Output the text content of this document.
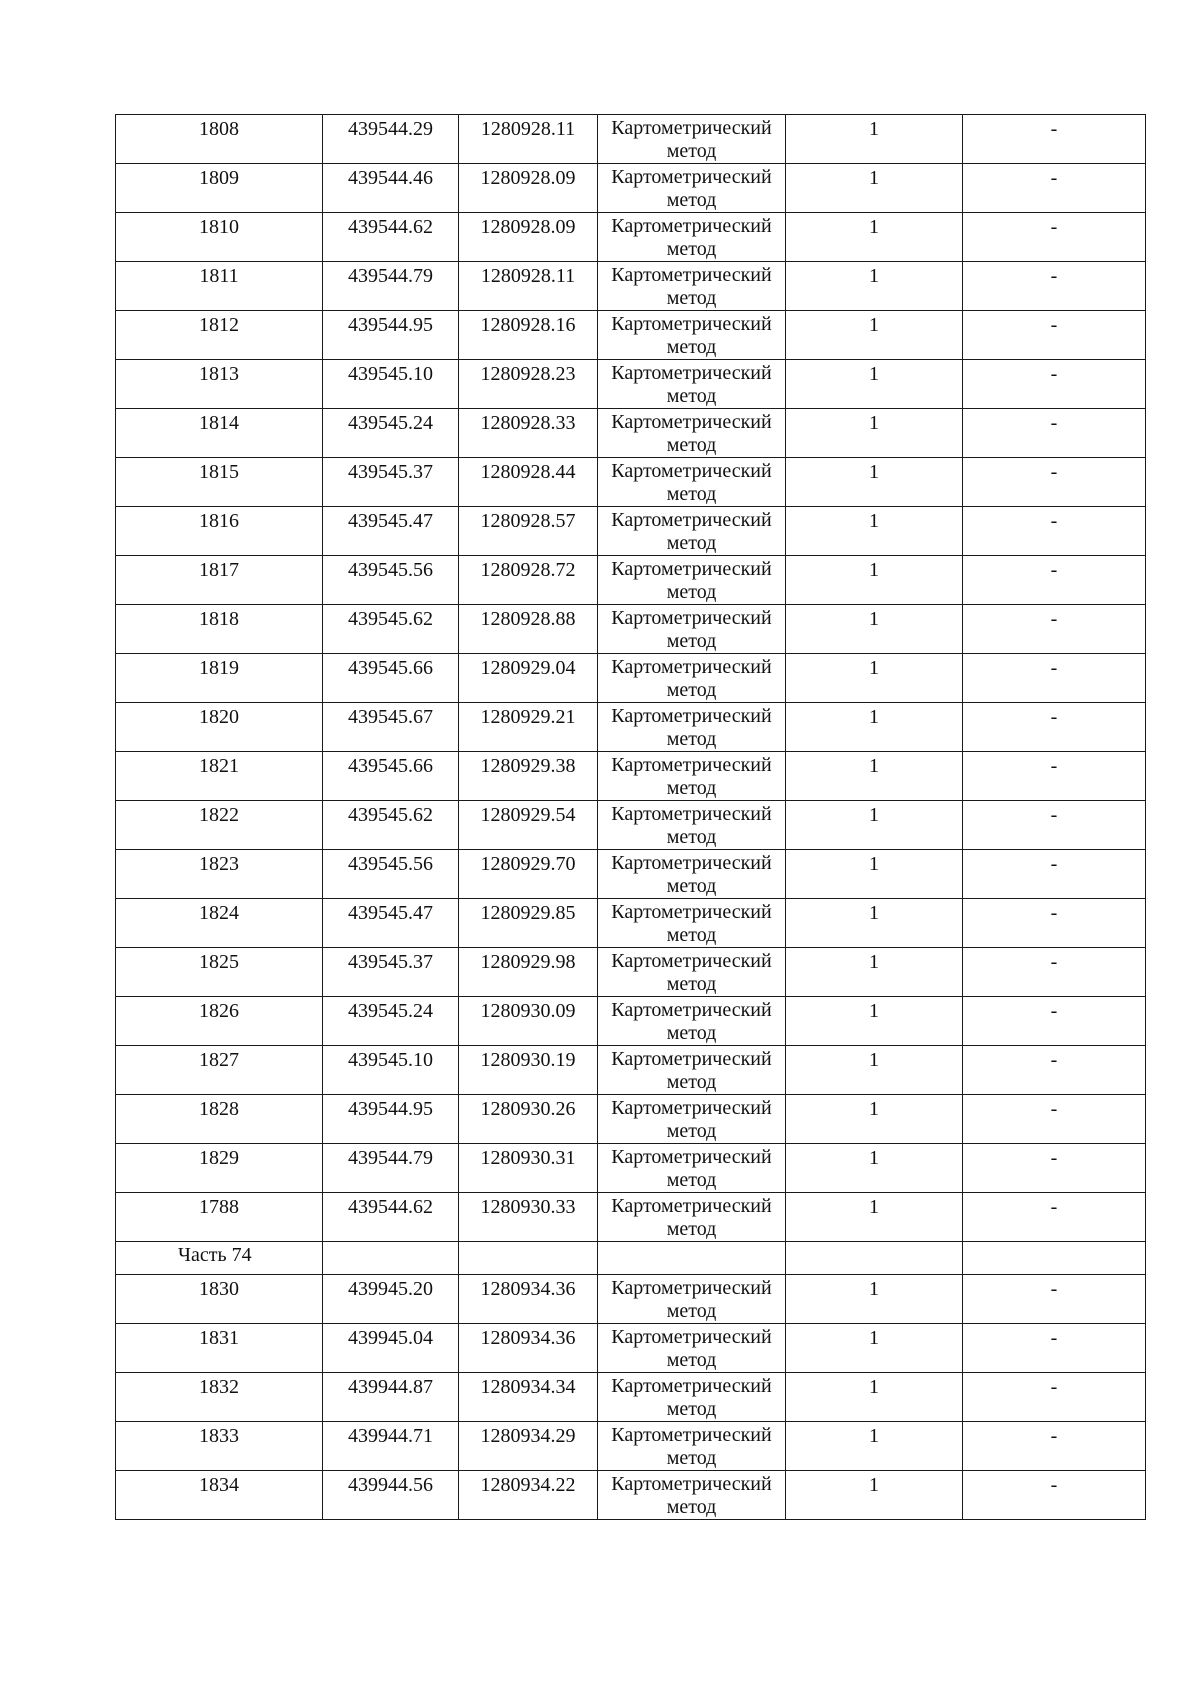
1808	439544.29	1280928.11	Картометрический метод	1	-
1809	439544.46	1280928.09	Картометрический метод	1	-
1810	439544.62	1280928.09	Картометрический метод	1	-
1811	439544.79	1280928.11	Картометрический метод	1	-
1812	439544.95	1280928.16	Картометрический метод	1	-
1813	439545.10	1280928.23	Картометрический метод	1	-
1814	439545.24	1280928.33	Картометрический метод	1	-
1815	439545.37	1280928.44	Картометрический метод	1	-
1816	439545.47	1280928.57	Картометрический метод	1	-
1817	439545.56	1280928.72	Картометрический метод	1	-
1818	439545.62	1280928.88	Картометрический метод	1	-
1819	439545.66	1280929.04	Картометрический метод	1	-
1820	439545.67	1280929.21	Картометрический метод	1	-
1821	439545.66	1280929.38	Картометрический метод	1	-
1822	439545.62	1280929.54	Картометрический метод	1	-
1823	439545.56	1280929.70	Картометрический метод	1	-
1824	439545.47	1280929.85	Картометрический метод	1	-
1825	439545.37	1280929.98	Картометрический метод	1	-
1826	439545.24	1280930.09	Картометрический метод	1	-
1827	439545.10	1280930.19	Картометрический метод	1	-
1828	439544.95	1280930.26	Картометрический метод	1	-
1829	439544.79	1280930.31	Картометрический метод	1	-
1788	439544.62	1280930.33	Картометрический метод	1	-
Часть 74					
1830	439945.20	1280934.36	Картометрический метод	1	-
1831	439945.04	1280934.36	Картометрический метод	1	-
1832	439944.87	1280934.34	Картометрический метод	1	-
1833	439944.71	1280934.29	Картометрический метод	1	-
1834	439944.56	1280934.22	Картометрический метод	1	-
